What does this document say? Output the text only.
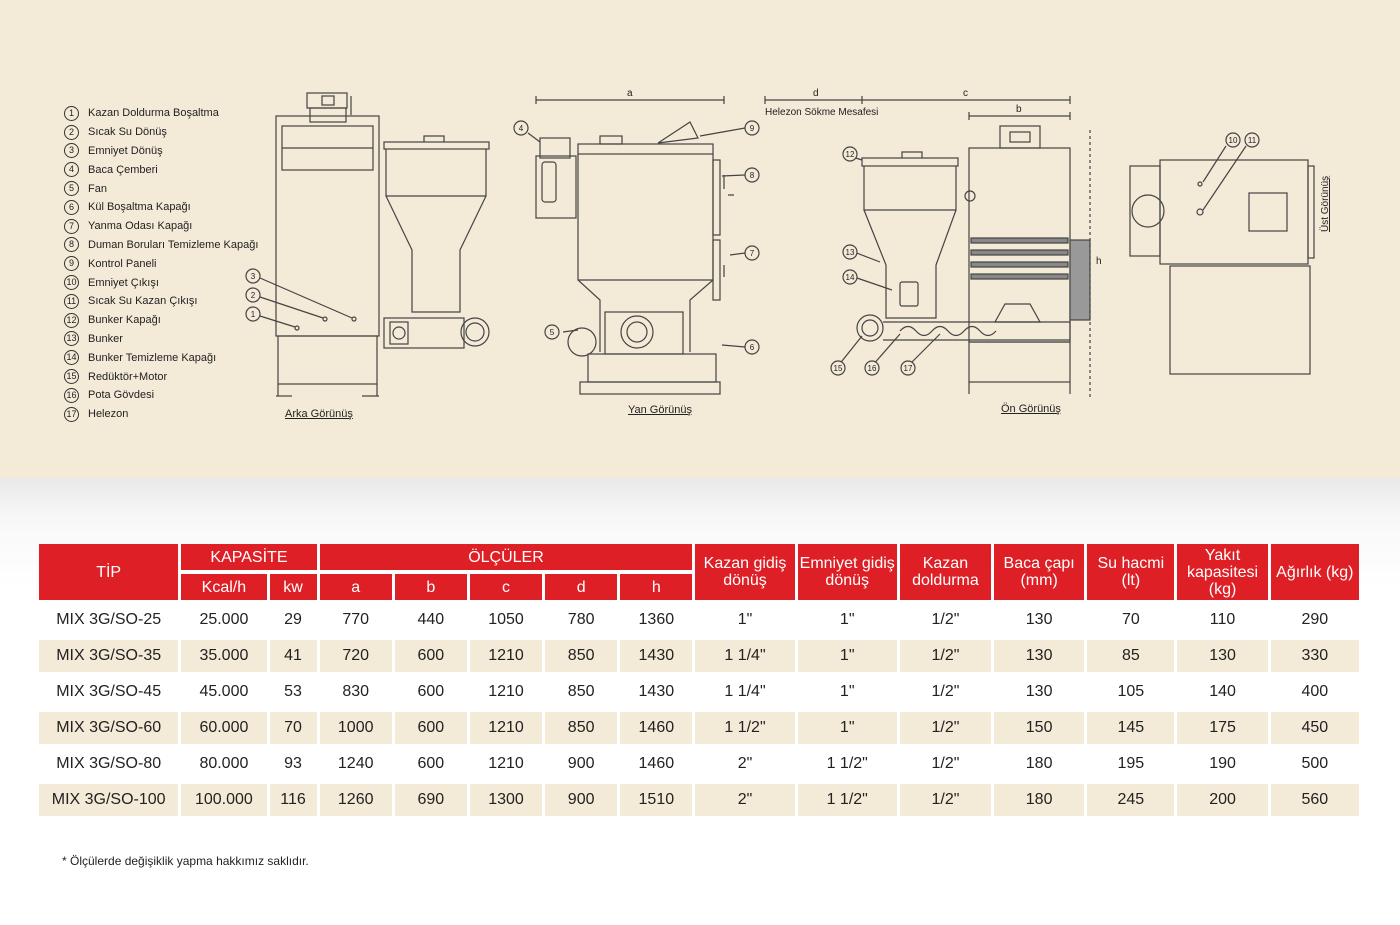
1	Kazan Doldurma Boşaltma
2	Sıcak Su Dönüş
3	Emniyet Dönüş
4	Baca Çemberi
5	Fan
6	Kül Boşaltma Kapağı
7	Yanma Odası Kapağı
8	Duman Boruları Temizleme Kapağı
9	Kontrol Paneli
10 Emniyet Çıkışı
11 Sıcak Su Kazan Çıkışı
12 Bunker Kapağı
13 Bunker
14 Bunker Temizleme Kapağı
15 Redüktör+Motor
16 Pota Gövdesi
17 Helezon
1
2
3
4	9
8
7
6
5
12
13
14
15	16	17
10 11
Arka Görünüş	Yan Görünüş	Ön Görünüş
Üst Görünüş
a	d	c
b
h
Helezon Sökme Mesafesi
TİP	KAPASİTE		ÖLÇÜLER					Kazan gidiş dönüş	Emniyet gidiş dönüş	Kazan doldurma	Baca çapı (mm)	Su hacmi (lt)	Yakıt kapasitesi (kg)	Ağırlık (kg)
	Kcal/h	kw	a	b	c	d	h							
MIX 3G/SO-25	25.000	29	770	440	1050	780	1360	1"	1"	1/2"	130	70	110	290
MIX 3G/SO-35	35.000	41	720	600	1210	850	1430	1 1/4"	1"	1/2"	130	85	130	330
MIX 3G/SO-45	45.000	53	830	600	1210	850	1430	1 1/4"	1"	1/2"	130	105	140	400
MIX 3G/SO-60	60.000	70	1000	600	1210	850	1460	1 1/2"	1"	1/2"	150	145	175	450
MIX 3G/SO-80	80.000	93	1240	600	1210	900	1460	2"	1 1/2"	1/2"	180	195	190	500
MIX 3G/SO-100	100.000	116	1260	690	1300	900	1510	2"	1 1/2"	1/2"	180	245	200	560

* Ölçülerde değişiklik yapma hakkımız saklıdır.
